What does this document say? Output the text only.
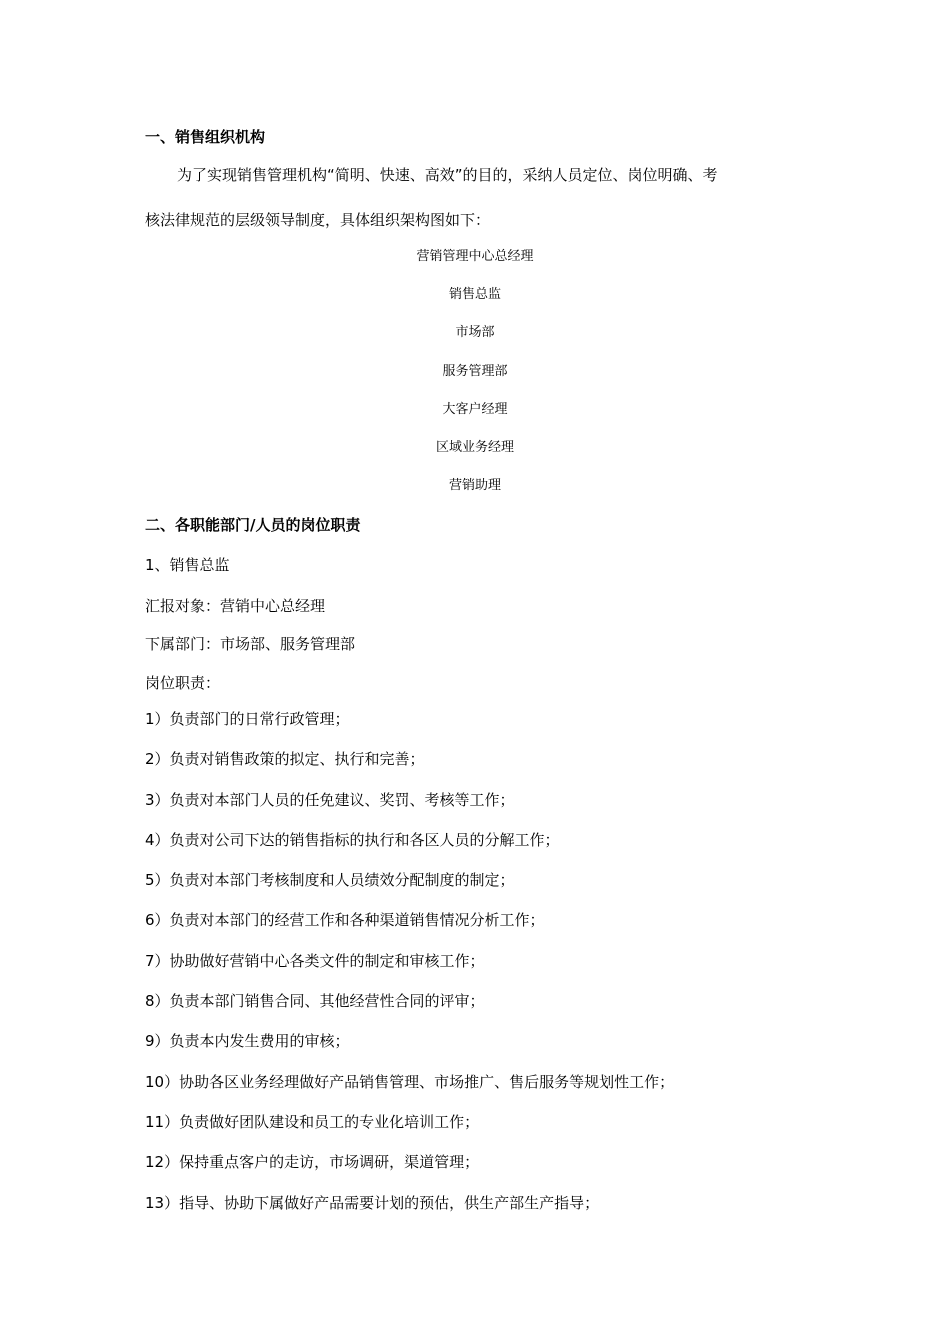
一、销售组织机构
为了实现销售管理机构“简明、快速、高效”的目的，采纳人员定位、岗位明确、考
核法律规范的层级领导制度，具体组织架构图如下：
营销管理中心总经理
销售总监
市场部
服务管理部
大客户经理
区域业务经理
营销助理
二、各职能部门/人员的岗位职责
1、销售总监
汇报对象：营销中心总经理
下属部门：市场部、服务管理部
岗位职责：
1）负责部门的日常行政管理；
2）负责对销售政策的拟定、执行和完善；
3）负责对本部门人员的任免建议、奖罚、考核等工作；
4）负责对公司下达的销售指标的执行和各区人员的分解工作；
5）负责对本部门考核制度和人员绩效分配制度的制定；
6）负责对本部门的经营工作和各种渠道销售情况分析工作；
7）协助做好营销中心各类文件的制定和审核工作；
8）负责本部门销售合同、其他经营性合同的评审；
9）负责本内发生费用的审核；
10）协助各区业务经理做好产品销售管理、市场推广、售后服务等规划性工作；
11）负责做好团队建设和员工的专业化培训工作；
12）保持重点客户的走访，市场调研，渠道管理；
13）指导、协助下属做好产品需要计划的预估，供生产部生产指导；
